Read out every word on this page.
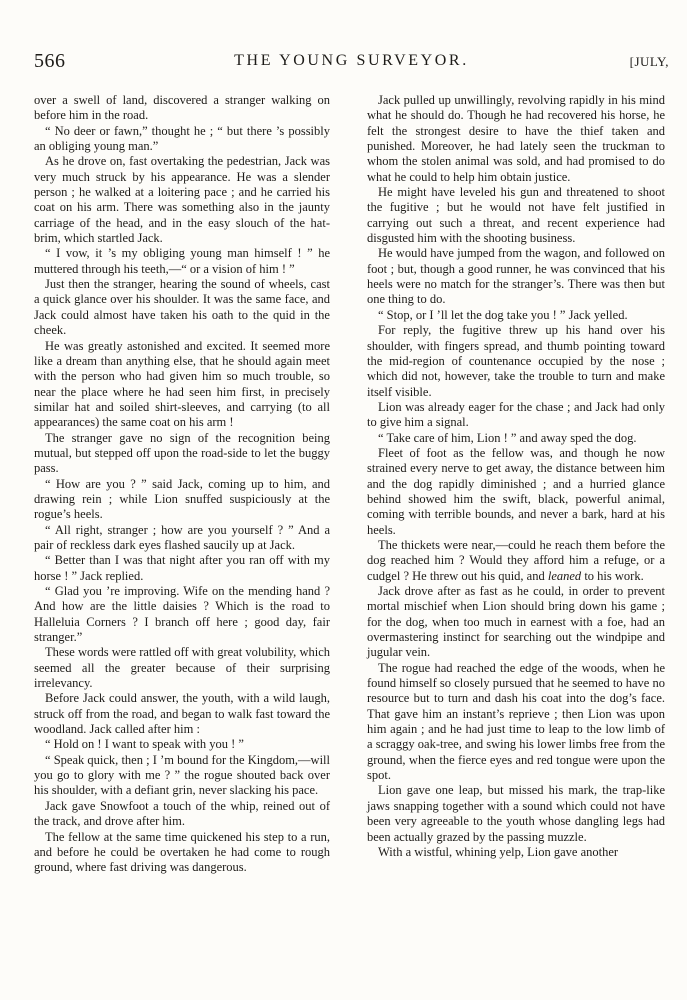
566	THE YOUNG SURVEYOR.	[JULY,

over a swell of land, discovered a stranger walking on before him in the road.

“ No deer or fawn,” thought he ; “ but there ’s possibly an obliging young man.”

As he drove on, fast overtaking the pedestrian, Jack was very much struck by his appearance. He was a slender person ; he walked at a loitering pace ; and he carried his coat on his arm. There was something also in the jaunty carriage of the head, and in the easy slouch of the hat-brim, which startled Jack.

“ I vow, it ’s my obliging young man himself ! ” he muttered through his teeth,—“ or a vision of him ! ”

Just then the stranger, hearing the sound of wheels, cast a quick glance over his shoulder. It was the same face, and Jack could almost have taken his oath to the quid in the cheek.

He was greatly astonished and excited. It seemed more like a dream than anything else, that he should again meet with the person who had given him so much trouble, so near the place where he had seen him first, in precisely similar hat and soiled shirt-sleeves, and carrying (to all appearances) the same coat on his arm !

The stranger gave no sign of the recognition being mutual, but stepped off upon the road-side to let the buggy pass.

“ How are you ? ” said Jack, coming up to him, and drawing rein ; while Lion snuffed suspiciously at the rogue’s heels.

“ All right, stranger ; how are you yourself ? ” And a pair of reckless dark eyes flashed saucily up at Jack.

“ Better than I was that night after you ran off with my horse ! ” Jack replied.

“ Glad you ’re improving. Wife on the mending hand ? And how are the little daisies ? Which is the road to Halleluia Corners ? I branch off here ; good day, fair stranger.”

These words were rattled off with great volubility, which seemed all the greater because of their surprising irrelevancy.

Before Jack could answer, the youth, with a wild laugh, struck off from the road, and began to walk fast toward the woodland. Jack called after him :

“ Hold on ! I want to speak with you ! ”

“ Speak quick, then ; I ’m bound for the Kingdom,—will you go to glory with me ? ” the rogue shouted back over his shoulder, with a defiant grin, never slacking his pace.

Jack gave Snowfoot a touch of the whip, reined out of the track, and drove after him.

The fellow at the same time quickened his step to a run, and before he could be overtaken he had come to rough ground, where fast driving was dangerous.

Jack pulled up unwillingly, revolving rapidly in his mind what he should do. Though he had recovered his horse, he felt the strongest desire to have the thief taken and punished. Moreover, he had lately seen the truckman to whom the stolen animal was sold, and had promised to do what he could to help him obtain justice.

He might have leveled his gun and threatened to shoot the fugitive ; but he would not have felt justified in carrying out such a threat, and recent experience had disgusted him with the shooting business.

He would have jumped from the wagon, and followed on foot ; but, though a good runner, he was convinced that his heels were no match for the stranger’s. There was then but one thing to do.

“ Stop, or I ’ll let the dog take you ! ” Jack yelled.

For reply, the fugitive threw up his hand over his shoulder, with fingers spread, and thumb pointing toward the mid-region of countenance occupied by the nose ; which did not, however, take the trouble to turn and make itself visible.

Lion was already eager for the chase ; and Jack had only to give him a signal.

“ Take care of him, Lion ! ” and away sped the dog.

Fleet of foot as the fellow was, and though he now strained every nerve to get away, the distance between him and the dog rapidly diminished ; and a hurried glance behind showed him the swift, black, powerful animal, coming with terrible bounds, and never a bark, hard at his heels.

The thickets were near,—could he reach them before the dog reached him ? Would they afford him a refuge, or a cudgel ? He threw out his quid, and leaned to his work.

Jack drove after as fast as he could, in order to prevent mortal mischief when Lion should bring down his game ; for the dog, when too much in earnest with a foe, had an overmastering instinct for searching out the windpipe and jugular vein.

The rogue had reached the edge of the woods, when he found himself so closely pursued that he seemed to have no resource but to turn and dash his coat into the dog’s face. That gave him an instant’s reprieve ; then Lion was upon him again ; and he had just time to leap to the low limb of a scraggy oak-tree, and swing his lower limbs free from the ground, when the fierce eyes and red tongue were upon the spot.

Lion gave one leap, but missed his mark, the trap-like jaws snapping together with a sound which could not have been very agreeable to the youth whose dangling legs had been actually grazed by the passing muzzle.

With a wistful, whining yelp, Lion gave another
